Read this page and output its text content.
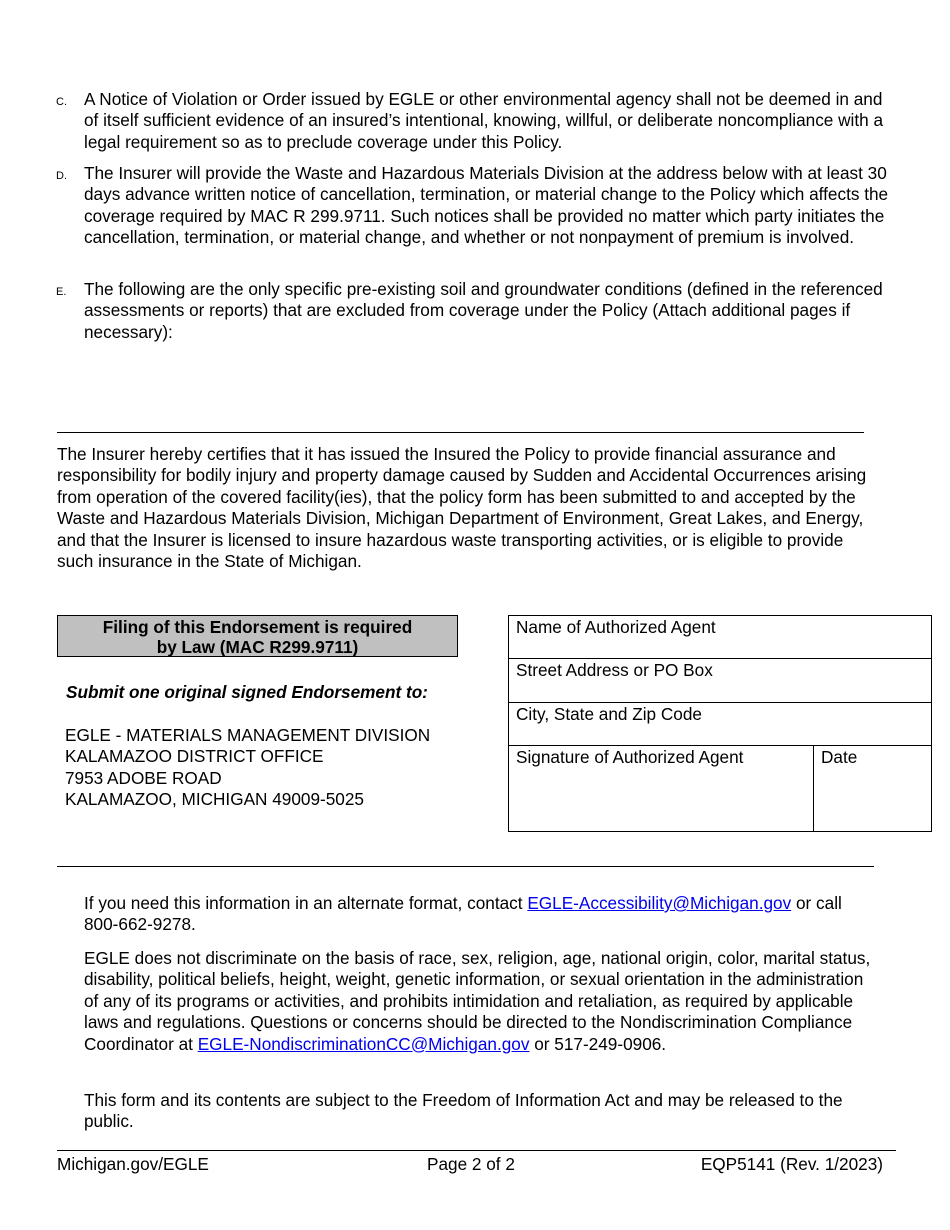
C. A Notice of Violation or Order issued by EGLE or other environmental agency shall not be deemed in and of itself sufficient evidence of an insured’s intentional, knowing, willful, or deliberate noncompliance with a legal requirement so as to preclude coverage under this Policy.
D. The Insurer will provide the Waste and Hazardous Materials Division at the address below with at least 30 days advance written notice of cancellation, termination, or material change to the Policy which affects the coverage required by MAC R 299.9711. Such notices shall be provided no matter which party initiates the cancellation, termination, or material change, and whether or not nonpayment of premium is involved.
E. The following are the only specific pre-existing soil and groundwater conditions (defined in the referenced assessments or reports) that are excluded from coverage under the Policy (Attach additional pages if necessary):
The Insurer hereby certifies that it has issued the Insured the Policy to provide financial assurance and responsibility for bodily injury and property damage caused by Sudden and Accidental Occurrences arising from operation of the covered facility(ies), that the policy form has been submitted to and accepted by the Waste and Hazardous Materials Division, Michigan Department of Environment, Great Lakes, and Energy, and that the Insurer is licensed to insure hazardous waste transporting activities, or is eligible to provide such insurance in the State of Michigan.
Filing of this Endorsement is required
by Law (MAC R299.9711)
Submit one original signed Endorsement to:
EGLE - MATERIALS MANAGEMENT DIVISION
KALAMAZOO DISTRICT OFFICE
7953 ADOBE ROAD
KALAMAZOO, MICHIGAN 49009-5025
Name of Authorized Agent
Street Address or PO Box
City, State and Zip Code
Signature of Authorized Agent	Date
If you need this information in an alternate format, contact EGLE-Accessibility@Michigan.gov or call 800-662-9278.
EGLE does not discriminate on the basis of race, sex, religion, age, national origin, color, marital status, disability, political beliefs, height, weight, genetic information, or sexual orientation in the administration of any of its programs or activities, and prohibits intimidation and retaliation, as required by applicable laws and regulations. Questions or concerns should be directed to the Nondiscrimination Compliance Coordinator at EGLE-NondiscriminationCC@Michigan.gov or 517-249-0906.
This form and its contents are subject to the Freedom of Information Act and may be released to the public.
Michigan.gov/EGLE	Page 2 of 2	EQP5141 (Rev. 1/2023)
